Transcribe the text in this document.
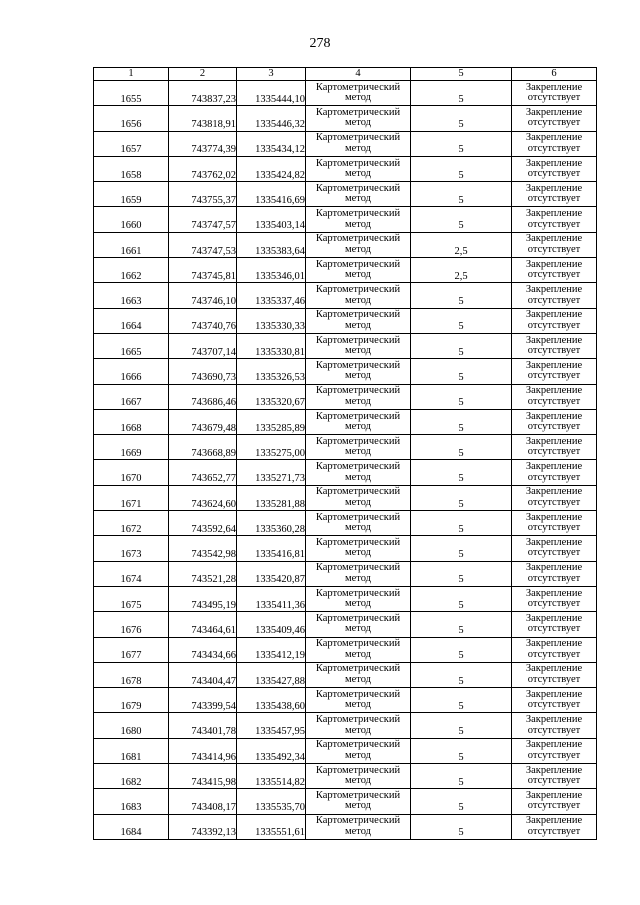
278
1	2	3	4	5	6
1655	743837,23	1335444,10	Картометрический
метод	5	Закрепление
отсутствует

1656	743818,91	1335446,32	Картометрический
метод	5	Закрепление
отсутствует

1657	743774,39	1335434,12	Картометрический
метод	5	Закрепление
отсутствует

1658	743762,02	1335424,82	Картометрический
метод	5	Закрепление
отсутствует

1659	743755,37	1335416,69	Картометрический
метод	5	Закрепление
отсутствует

1660	743747,57	1335403,14	Картометрический
метод	5	Закрепление
отсутствует

1661	743747,53	1335383,64	Картометрический
метод	2,5	Закрепление
отсутствует

1662	743745,81	1335346,01	Картометрический
метод	2,5	Закрепление
отсутствует

1663	743746,10	1335337,46	Картометрический
метод	5	Закрепление
отсутствует

1664	743740,76	1335330,33	Картометрический
метод	5	Закрепление
отсутствует

1665	743707,14	1335330,81	Картометрический
метод	5	Закрепление
отсутствует

1666	743690,73	1335326,53	Картометрический
метод	5	Закрепление
отсутствует

1667	743686,46	1335320,67	Картометрический
метод	5	Закрепление
отсутствует

1668	743679,48	1335285,89	Картометрический
метод	5	Закрепление
отсутствует

1669	743668,89	1335275,00	Картометрический
метод	5	Закрепление
отсутствует

1670	743652,77	1335271,73	Картометрический
метод	5	Закрепление
отсутствует

1671	743624,60	1335281,88	Картометрический
метод	5	Закрепление
отсутствует

1672	743592,64	1335360,28	Картометрический
метод	5	Закрепление
отсутствует

1673	743542,98	1335416,81	Картометрический
метод	5	Закрепление
отсутствует

1674	743521,28	1335420,87	Картометрический
метод	5	Закрепление
отсутствует

1675	743495,19	1335411,36	Картометрический
метод	5	Закрепление
отсутствует

1676	743464,61	1335409,46	Картометрический
метод	5	Закрепление
отсутствует

1677	743434,66	1335412,19	Картометрический
метод	5	Закрепление
отсутствует

1678	743404,47	1335427,88	Картометрический
метод	5	Закрепление
отсутствует

1679	743399,54	1335438,60	Картометрический
метод	5	Закрепление
отсутствует

1680	743401,78	1335457,95	Картометрический
метод	5	Закрепление
отсутствует

1681	743414,96	1335492,34	Картометрический
метод	5	Закрепление
отсутствует

1682	743415,98	1335514,82	Картометрический
метод	5	Закрепление
отсутствует

1683	743408,17	1335535,70	Картометрический
метод	5	Закрепление
отсутствует

1684	743392,13	1335551,61	Картометрический
метод	5	Закрепление
отсутствует
